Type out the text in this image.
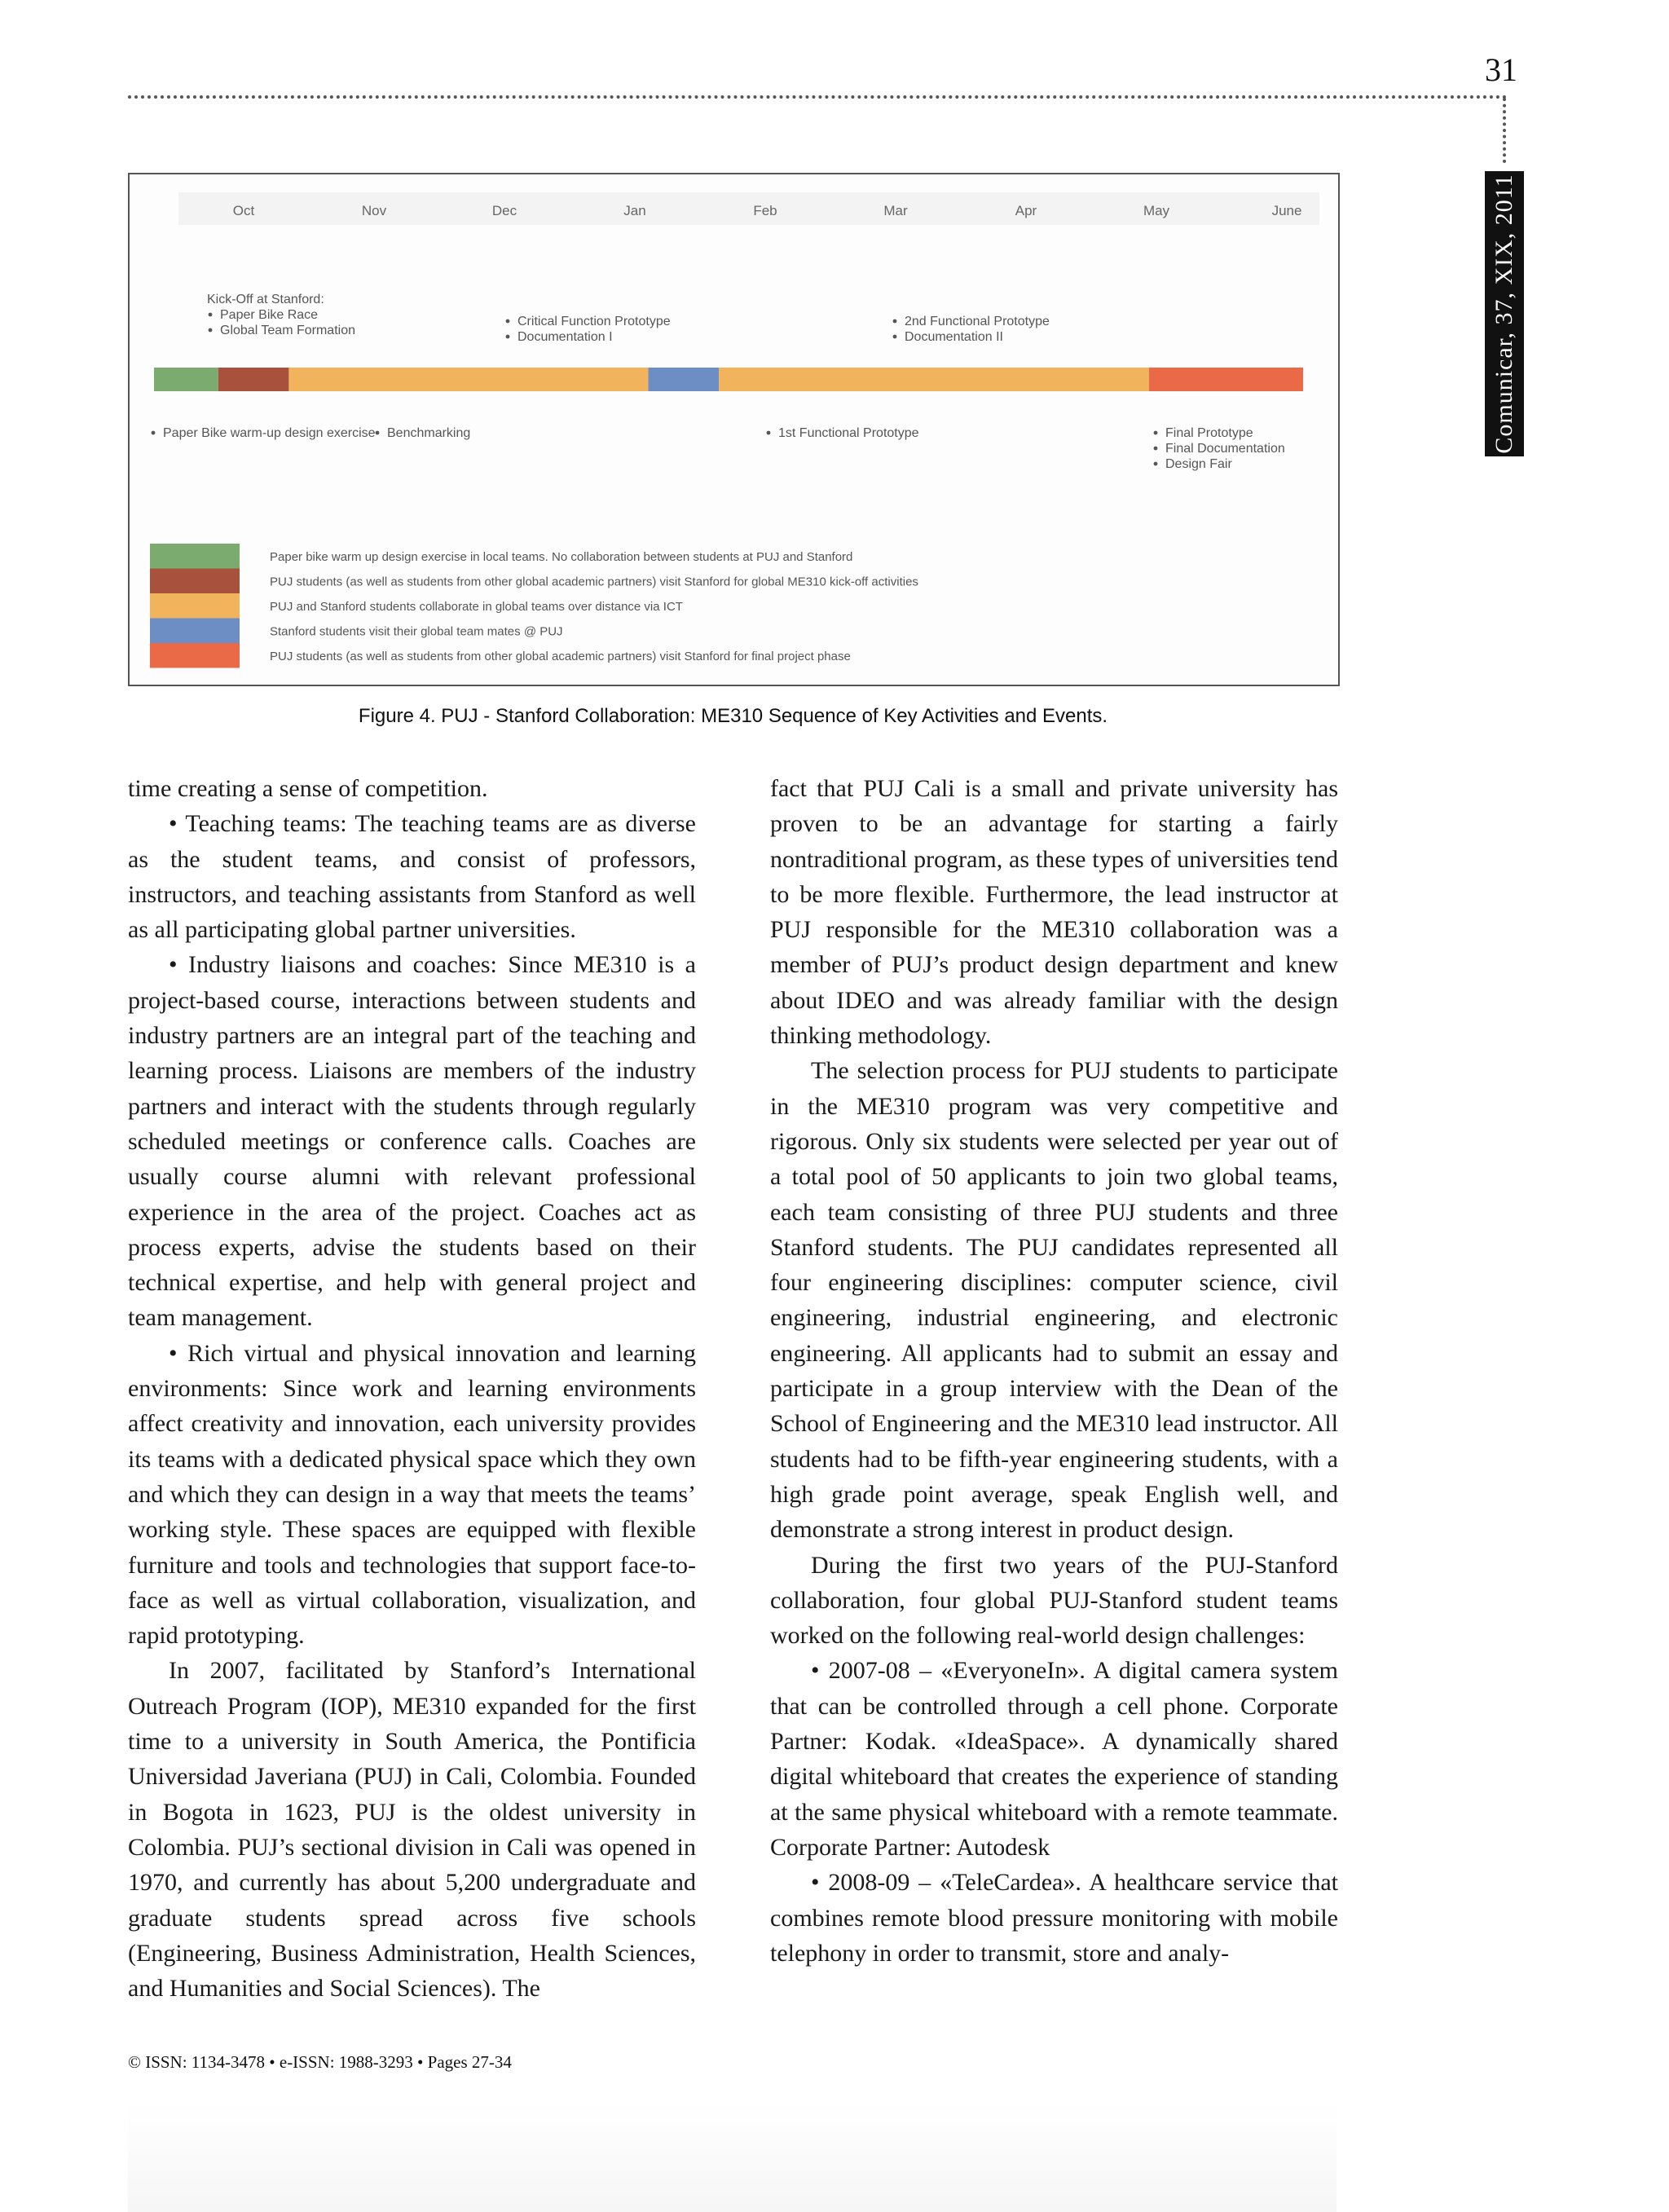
31
Comunicar, 37, XIX, 2011
Oct	Nov	Dec	Jan	Feb	Mar	Apr	May	June
Kick-Off at Stanford:
Paper Bike Race
Global Team Formation
Critical Function Prototype
Documentation I
2nd Functional Prototype
Documentation II
Paper Bike warm-up design exercise Benchmarking	1st Functional Prototype	Final Prototype
Final Documentation
Design Fair
Paper bike warm up design exercise in local teams. No collaboration between students at PUJ and Stanford
PUJ students (as well as students from other global academic partners) visit Stanford for global ME310 kick-off activities
PUJ and Stanford students collaborate in global teams over distance via ICT
Stanford students visit their global team mates @ PUJ
PUJ students (as well as students from other global academic partners) visit Stanford for final project phase
Figure 4. PUJ - Stanford Collaboration: ME310 Sequence of Key Activities and Events.

time creating a sense of competition.

• Teaching teams: The teaching teams are as diverse as the student teams, and consist of professors, instructors, and teaching assistants from Stanford as well as all participating global partner universities.

• Industry liaisons and coaches: Since ME310 is a project-based course, interactions between students and industry partners are an integral part of the teaching and learning process. Liaisons are members of the industry partners and interact with the students through regularly scheduled meetings or conference calls. Coaches are usually course alumni with relevant professional experience in the area of the project. Coaches act as process experts, advise the students based on their technical expertise, and help with general project and team management.

• Rich virtual and physical innovation and learning environments: Since work and learning environments affect creativity and innovation, each university provides its teams with a dedicated physical space which they own and which they can design in a way that meets the teams’ working style. These spaces are equipped with flexible furniture and tools and technologies that support face-to-face as well as virtual collaboration, visualization, and rapid prototyping.

In 2007, facilitated by Stanford’s International Outreach Program (IOP), ME310 expanded for the first time to a university in South America, the Pontificia Universidad Javeriana (PUJ) in Cali, Colombia. Founded in Bogota in 1623, PUJ is the oldest university in Colombia. PUJ’s sectional division in Cali was opened in 1970, and currently has about 5,200 undergraduate and graduate students spread across five schools (Engineering, Business Administration, Health Sciences, and Humanities and Social Sciences). The

fact that PUJ Cali is a small and private university has proven to be an advantage for starting a fairly nontraditional program, as these types of universities tend to be more flexible. Furthermore, the lead instructor at PUJ responsible for the ME310 collaboration was a member of PUJ’s product design department and knew about IDEO and was already familiar with the design thinking methodology.

The selection process for PUJ students to participate in the ME310 program was very competitive and rigorous. Only six students were selected per year out of a total pool of 50 applicants to join two global teams, each team consisting of three PUJ students and three Stanford students. The PUJ candidates represented all four engineering disciplines: computer science, civil engineering, industrial engineering, and electronic engineering. All applicants had to submit an essay and participate in a group interview with the Dean of the School of Engineering and the ME310 lead instructor. All students had to be fifth-year engineering students, with a high grade point average, speak English well, and demonstrate a strong interest in product design.

During the first two years of the PUJ-Stanford collaboration, four global PUJ-Stanford student teams worked on the following real-world design challenges:

• 2007-08 – «EveryoneIn». A digital camera system that can be controlled through a cell phone. Corporate Partner: Kodak. «IdeaSpace». A dynamically shared digital whiteboard that creates the experience of standing at the same physical whiteboard with a remote teammate. Corporate Partner: Autodesk

• 2008-09 – «TeleCardea». A healthcare service that combines remote blood pressure monitoring with mobile telephony in order to transmit, store and analy-

© ISSN: 1134-3478 • e-ISSN: 1988-3293 • Pages 27-34
